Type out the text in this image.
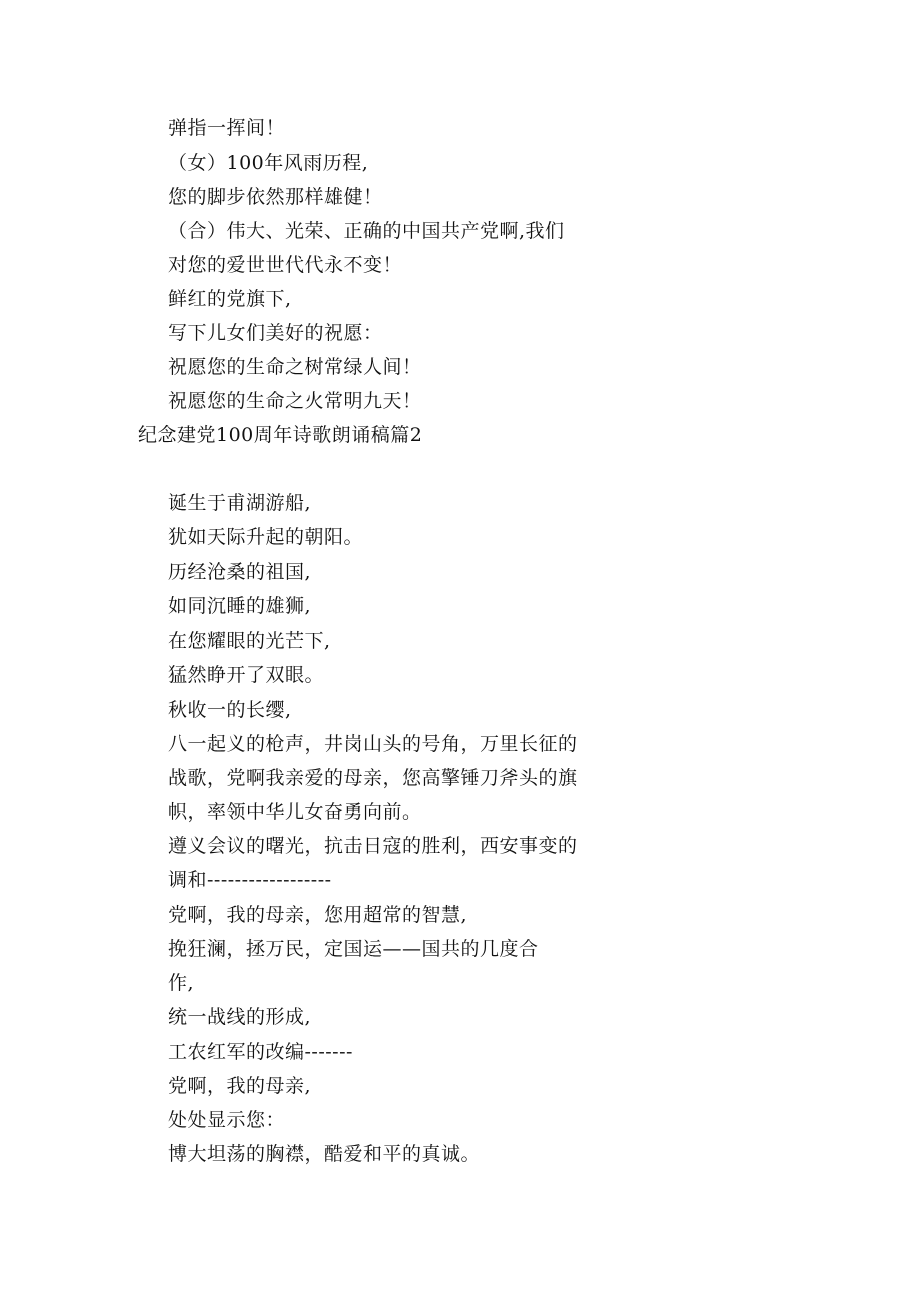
弹指一挥间！
（女）100年风雨历程,
您的脚步依然那样雄健！
（合）伟大、光荣、正确的中国共产党啊,我们
对您的爱世世代代永不变！
鲜红的党旗下,
写下儿女们美好的祝愿：
祝愿您的生命之树常绿人间！
祝愿您的生命之火常明九天！
纪念建党100周年诗歌朗诵稿篇2
诞生于甫湖游船,
犹如天际升起的朝阳。
历经沧桑的祖国,
如同沉睡的雄狮,
在您耀眼的光芒下,
猛然睁开了双眼。
秋收一的长缨,
八一起义的枪声，井岗山头的号角，万里长征的
战歌，党啊我亲爱的母亲，您高擎锤刀斧头的旗
帜，率领中华儿女奋勇向前。
遵义会议的曙光，抗击日寇的胜利，西安事变的
调和------------------
党啊，我的母亲，您用超常的智慧,
挽狂澜，拯万民，定国运——国共的几度合
作,
统一战线的形成,
工农红军的改编-------
党啊，我的母亲,
处处显示您：
博大坦荡的胸襟，酷爱和平的真诚。
